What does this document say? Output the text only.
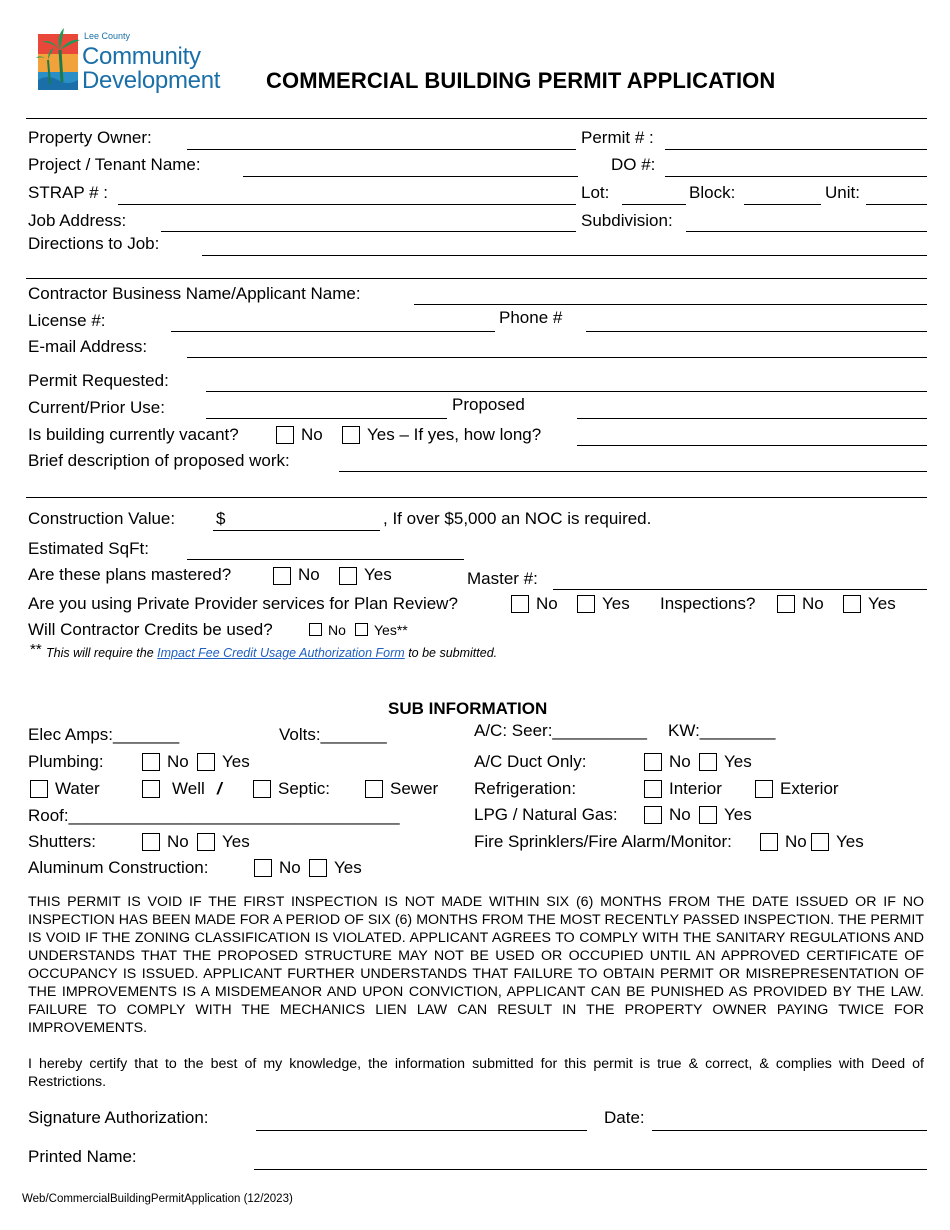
Lee County
Community
Development COMMERCIAL BUILDING PERMIT APPLICATION
Property Owner:	Permit # :
Project / Tenant Name:	DO #:
STRAP # :	Lot:	Block:	Unit:
Job Address:	Subdivision:
Directions to Job:
Contractor Business Name/Applicant Name:
License #:	Phone #
E-mail Address:
Permit Requested:
Current/Prior Use:	Proposed
Is building currently vacant?	No	Yes – If yes, how long?
Brief description of proposed work:
Construction Value: $	, If over $5,000 an NOC is required.
Estimated SqFt:
Are these plans mastered?	No	Yes	Master #:
Are you using Private Provider services for Plan Review?	No	Yes Inspections?	No	Yes
Will Contractor Credits be used?	No Yes**
** This will require the Impact Fee Credit Usage Authorization Form to be submitted.
SUB INFORMATION
Elec Amps:_______	Volts:_______	A/C: Seer:__________ KW:________
Plumbing:	No Yes	A/C Duct Only:	No Yes
Water	Well /	Septic:	Sewer Refrigeration:	Interior	Exterior
Roof:___________________________________	LPG / Natural Gas:	No Yes
Shutters:	No Yes	Fire Sprinklers/Fire Alarm/Monitor:	No Yes
Aluminum Construction:	No Yes
THIS PERMIT IS VOID IF THE FIRST INSPECTION IS NOT MADE WITHIN SIX (6) MONTHS FROM THE DATE ISSUED OR IF NO INSPECTION HAS BEEN MADE FOR A PERIOD OF SIX (6) MONTHS FROM THE MOST RECENTLY PASSED INSPECTION. THE PERMIT IS VOID IF THE ZONING CLASSIFICATION IS VIOLATED. APPLICANT AGREES TO COMPLY WITH THE SANITARY REGULATIONS AND UNDERSTANDS THAT THE PROPOSED STRUCTURE MAY NOT BE USED OR OCCUPIED UNTIL AN APPROVED CERTIFICATE OF OCCUPANCY IS ISSUED. APPLICANT FURTHER UNDERSTANDS THAT FAILURE TO OBTAIN PERMIT OR MISREPRESENTATION OF THE IMPROVEMENTS IS A MISDEMEANOR AND UPON CONVICTION, APPLICANT CAN BE PUNISHED AS PROVIDED BY THE LAW. FAILURE TO COMPLY WITH THE MECHANICS LIEN LAW CAN RESULT IN THE PROPERTY OWNER PAYING TWICE FOR IMPROVEMENTS.
I hereby certify that to the best of my knowledge, the information submitted for this permit is true & correct, & complies with Deed of Restrictions.
Signature Authorization:	Date:
Printed Name:
Web/CommercialBuildingPermitApplication (12/2023)
